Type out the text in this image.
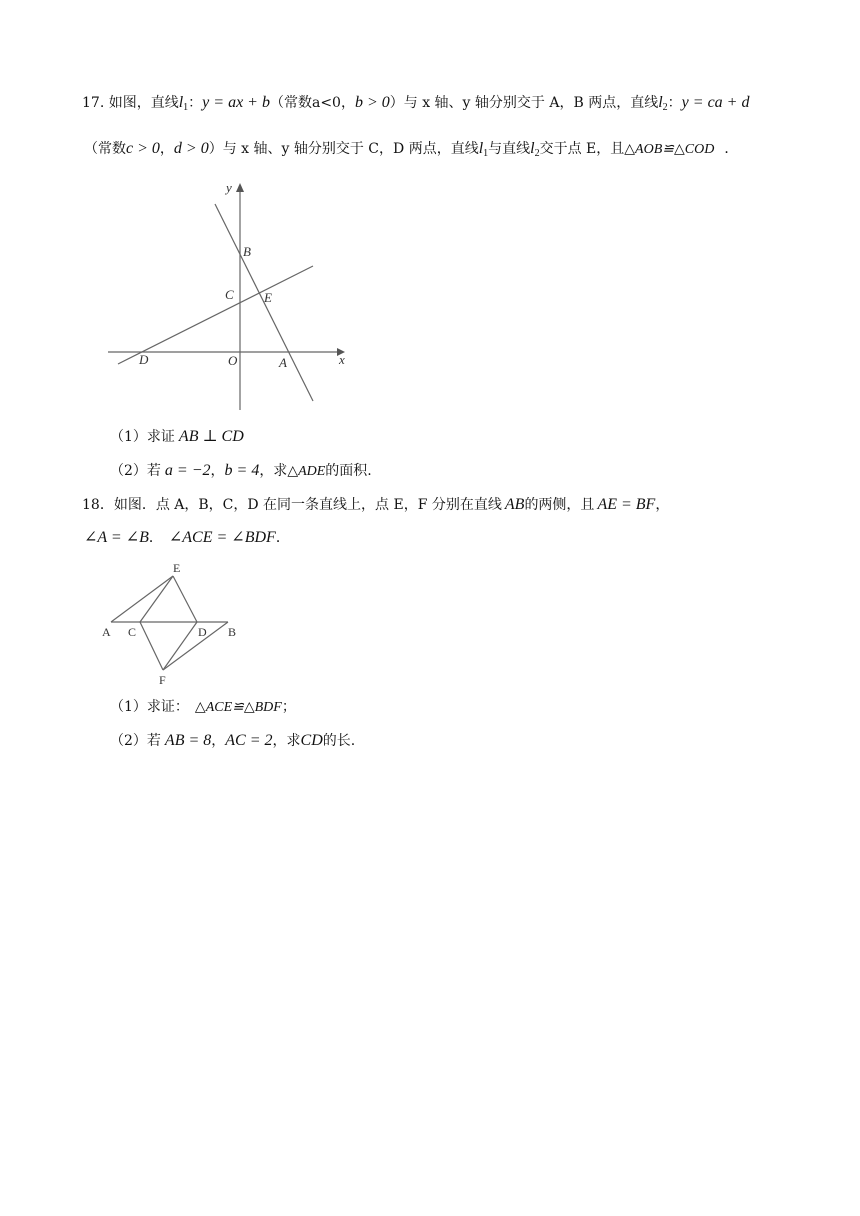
17. 如图，直线$l_1$：y = ax + b（常数a<0，b > 0）与 x 轴、y 轴分别交于 A，B 两点，直线$l_2$：y = ca + d
（常数c > 0，d > 0）与 x 轴、y 轴分别交于 C，D 两点，直线$l_1$与直线$l_2$交于点 E，且△AOB≌△COD ．
y
x
B
C E
D	O	A
（1）求证 AB ⊥ CD
（2）若 a = −2，b = 4，求△ADE的面积.
18．如图．点 A，B，C，D 在同一条直线上，点 E，F 分别在直线 AB的两侧，且 AE = BF，
∠A = ∠B． ∠ACE = ∠BDF．
E
A C	D B
F
（1）求证： △ACE≌△BDF；
（2）若 AB = 8，AC = 2，求CD的长.
